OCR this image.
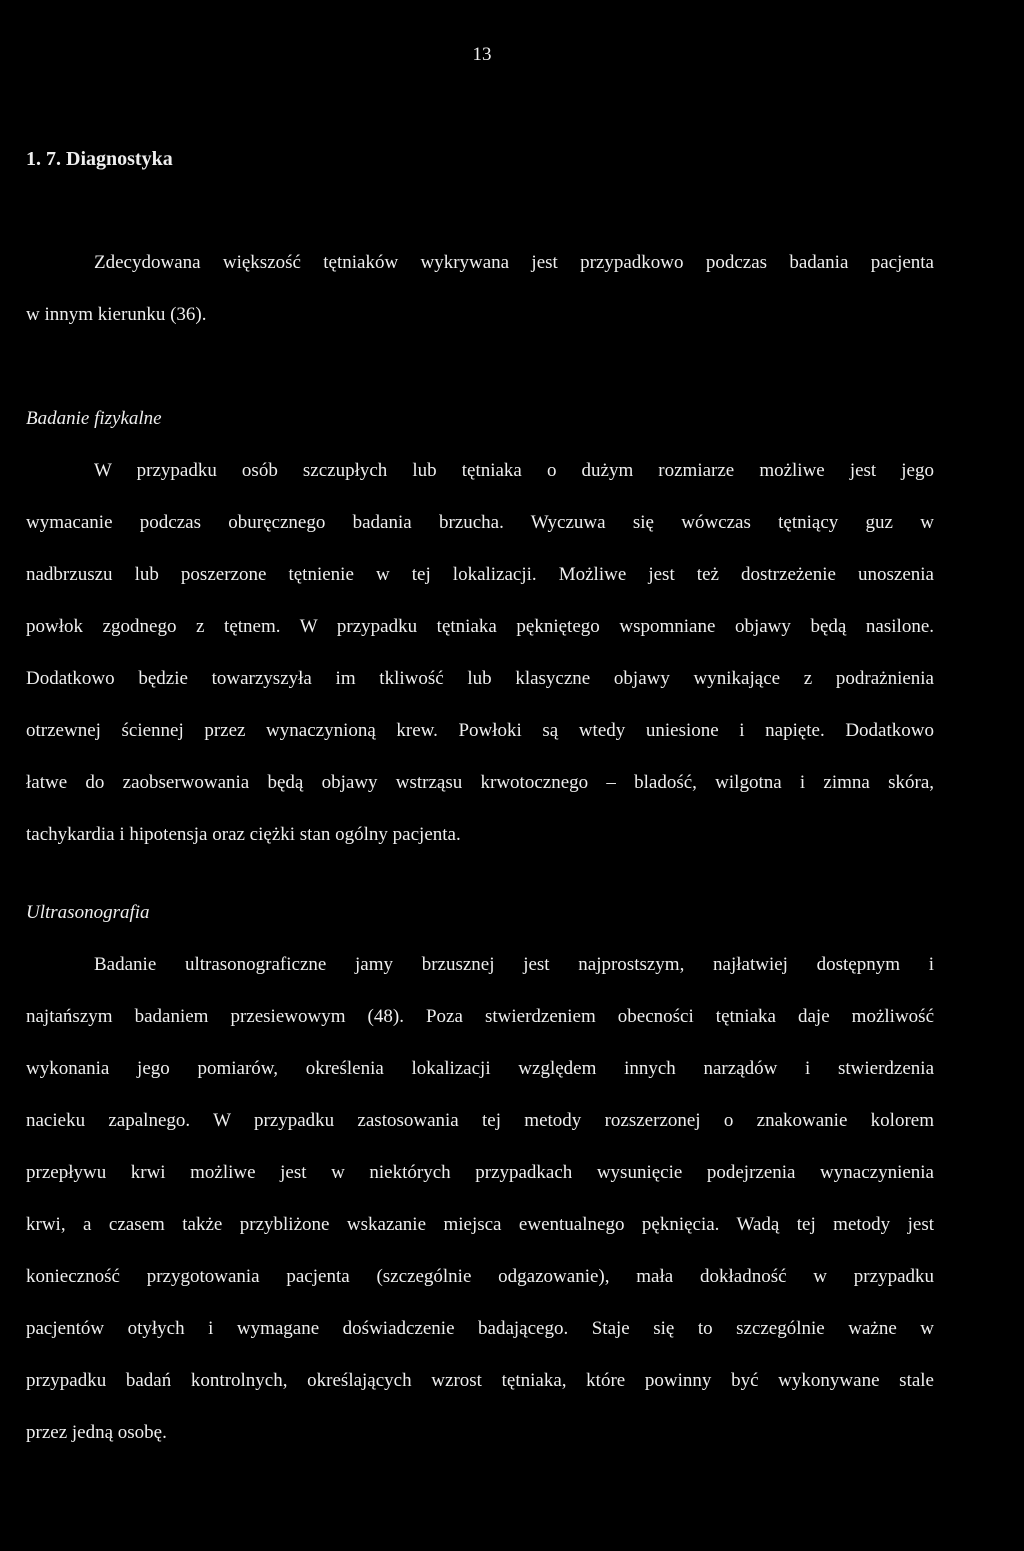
13
1. 7. Diagnostyka
Zdecydowana większość tętniaków wykrywana jest przypadkowo podczas badania pacjenta
w innym kierunku (36).
Badanie fizykalne
W przypadku osób szczupłych lub tętniaka o dużym rozmiarze możliwe jest jego
wymacanie podczas oburęcznego badania brzucha. Wyczuwa się wówczas tętniący guz w
nadbrzuszu lub poszerzone tętnienie w tej lokalizacji. Możliwe jest też dostrzeżenie unoszenia
powłok zgodnego z tętnem. W przypadku tętniaka pękniętego wspomniane objawy będą nasilone.
Dodatkowo będzie towarzyszyła im tkliwość lub klasyczne objawy wynikające z podrażnienia
otrzewnej ściennej przez wynaczynioną krew. Powłoki są wtedy uniesione i napięte. Dodatkowo
łatwe do zaobserwowania będą objawy wstrząsu krwotocznego – bladość, wilgotna i zimna skóra,
tachykardia i hipotensja oraz ciężki stan ogólny pacjenta.
Ultrasonografia
Badanie ultrasonograficzne jamy brzusznej jest najprostszym, najłatwiej dostępnym i
najtańszym badaniem przesiewowym (48). Poza stwierdzeniem obecności tętniaka daje możliwość
wykonania jego pomiarów, określenia lokalizacji względem innych narządów i stwierdzenia
nacieku zapalnego. W przypadku zastosowania tej metody rozszerzonej o znakowanie kolorem
przepływu krwi możliwe jest w niektórych przypadkach wysunięcie podejrzenia wynaczynienia
krwi, a czasem także przybliżone wskazanie miejsca ewentualnego pęknięcia. Wadą tej metody jest
konieczność przygotowania pacjenta (szczególnie odgazowanie), mała dokładność w przypadku
pacjentów otyłych i wymagane doświadczenie badającego. Staje się to szczególnie ważne w
przypadku badań kontrolnych, określających wzrost tętniaka, które powinny być wykonywane stale
przez jedną osobę.
